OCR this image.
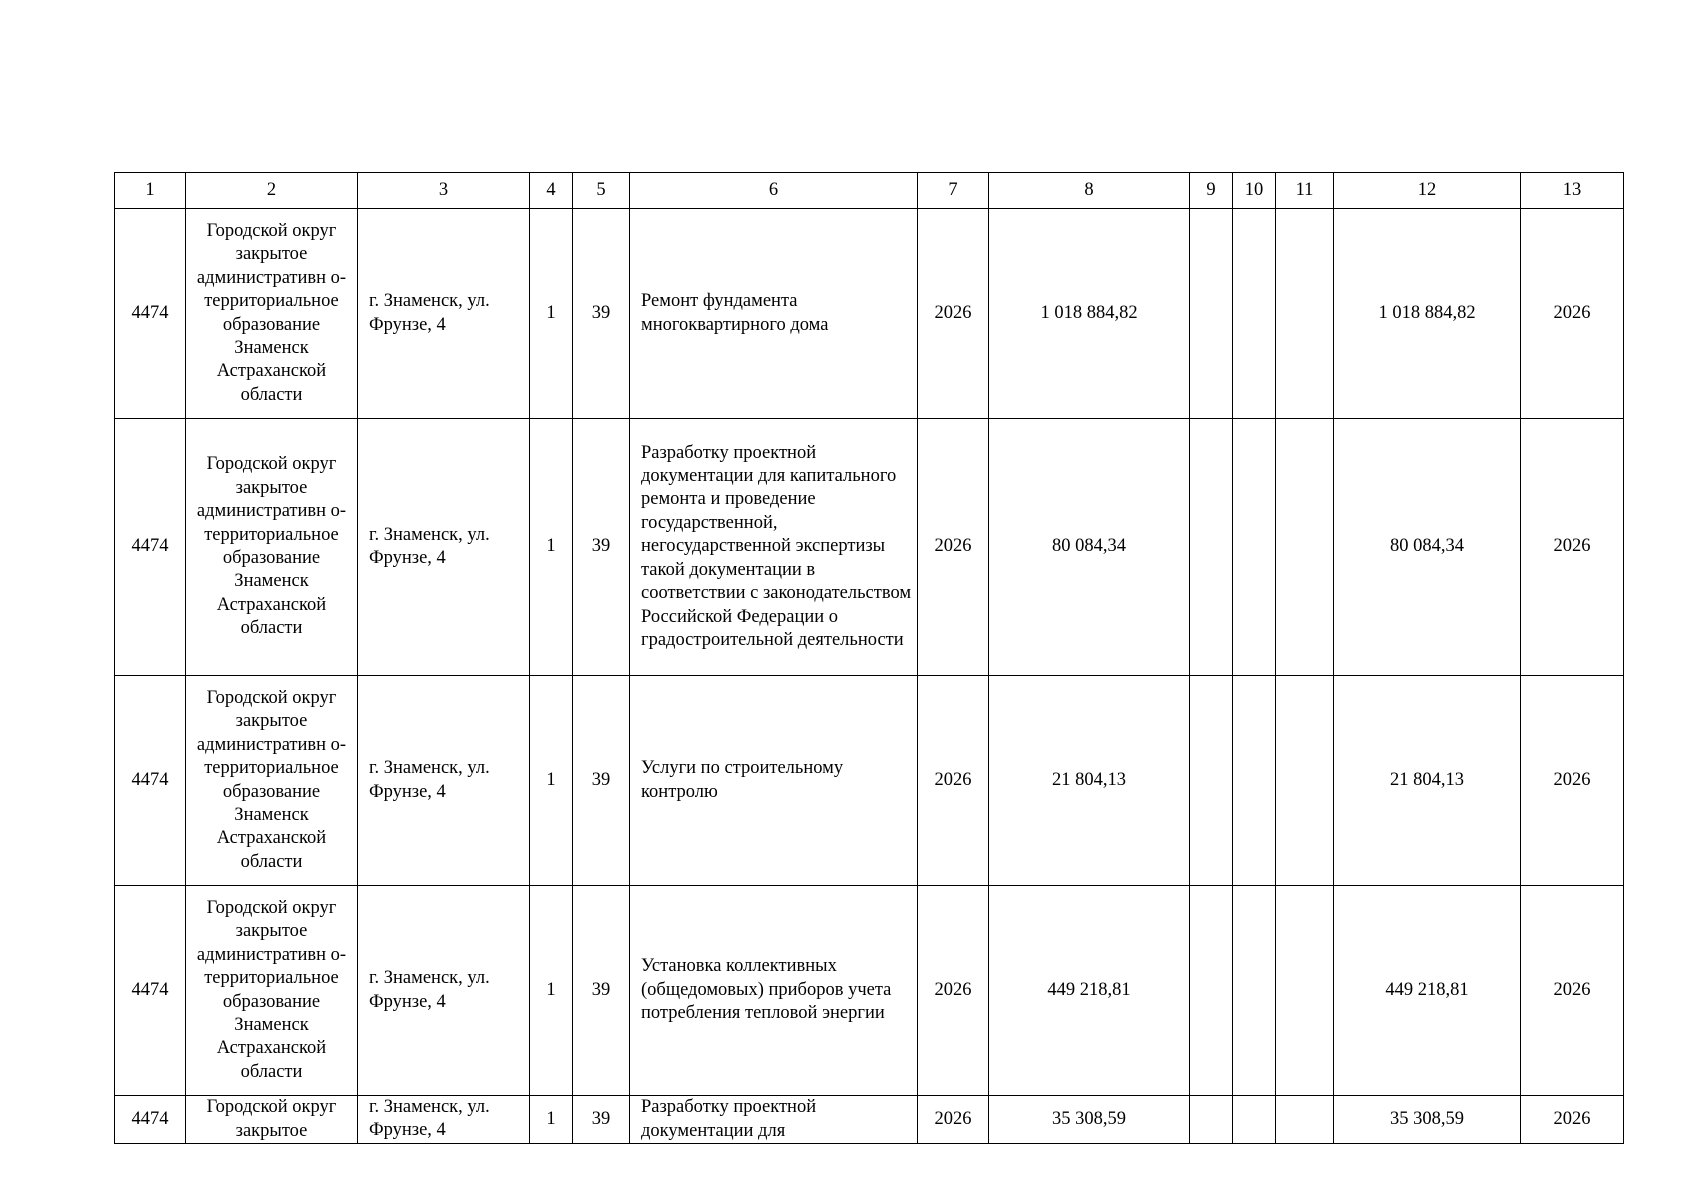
1	2	3	4	5	6	7	8	9	10	11	12	13
4474	Городской округ закрытое административн о- территориальное образование Знаменск Астраханской области	г. Знаменск, ул. Фрунзе, 4	1	39	Ремонт фундамента многоквартирного дома	2026	1 018 884,82				1 018 884,82	2026
4474	Городской округ закрытое административн о- территориальное образование Знаменск Астраханской области	г. Знаменск, ул. Фрунзе, 4	1	39	Разработку проектной документации для капитального ремонта и проведение государственной, негосударственной экспертизы такой документации в соответствии с законодательством Российской Федерации о градостроительной деятельности	2026	80 084,34				80 084,34	2026
4474	Городской округ закрытое административн о- территориальное образование Знаменск Астраханской области	г. Знаменск, ул. Фрунзе, 4	1	39	Услуги по строительному контролю	2026	21 804,13				21 804,13	2026
4474	Городской округ закрытое административн о- территориальное образование Знаменск Астраханской области	г. Знаменск, ул. Фрунзе, 4	1	39	Установка коллективных (общедомовых) приборов учета потребления тепловой энергии	2026	449 218,81				449 218,81	2026
4474	Городской округ закрытое	г. Знаменск, ул. Фрунзе, 4	1	39	Разработку проектной документации для	2026	35 308,59				35 308,59	2026
